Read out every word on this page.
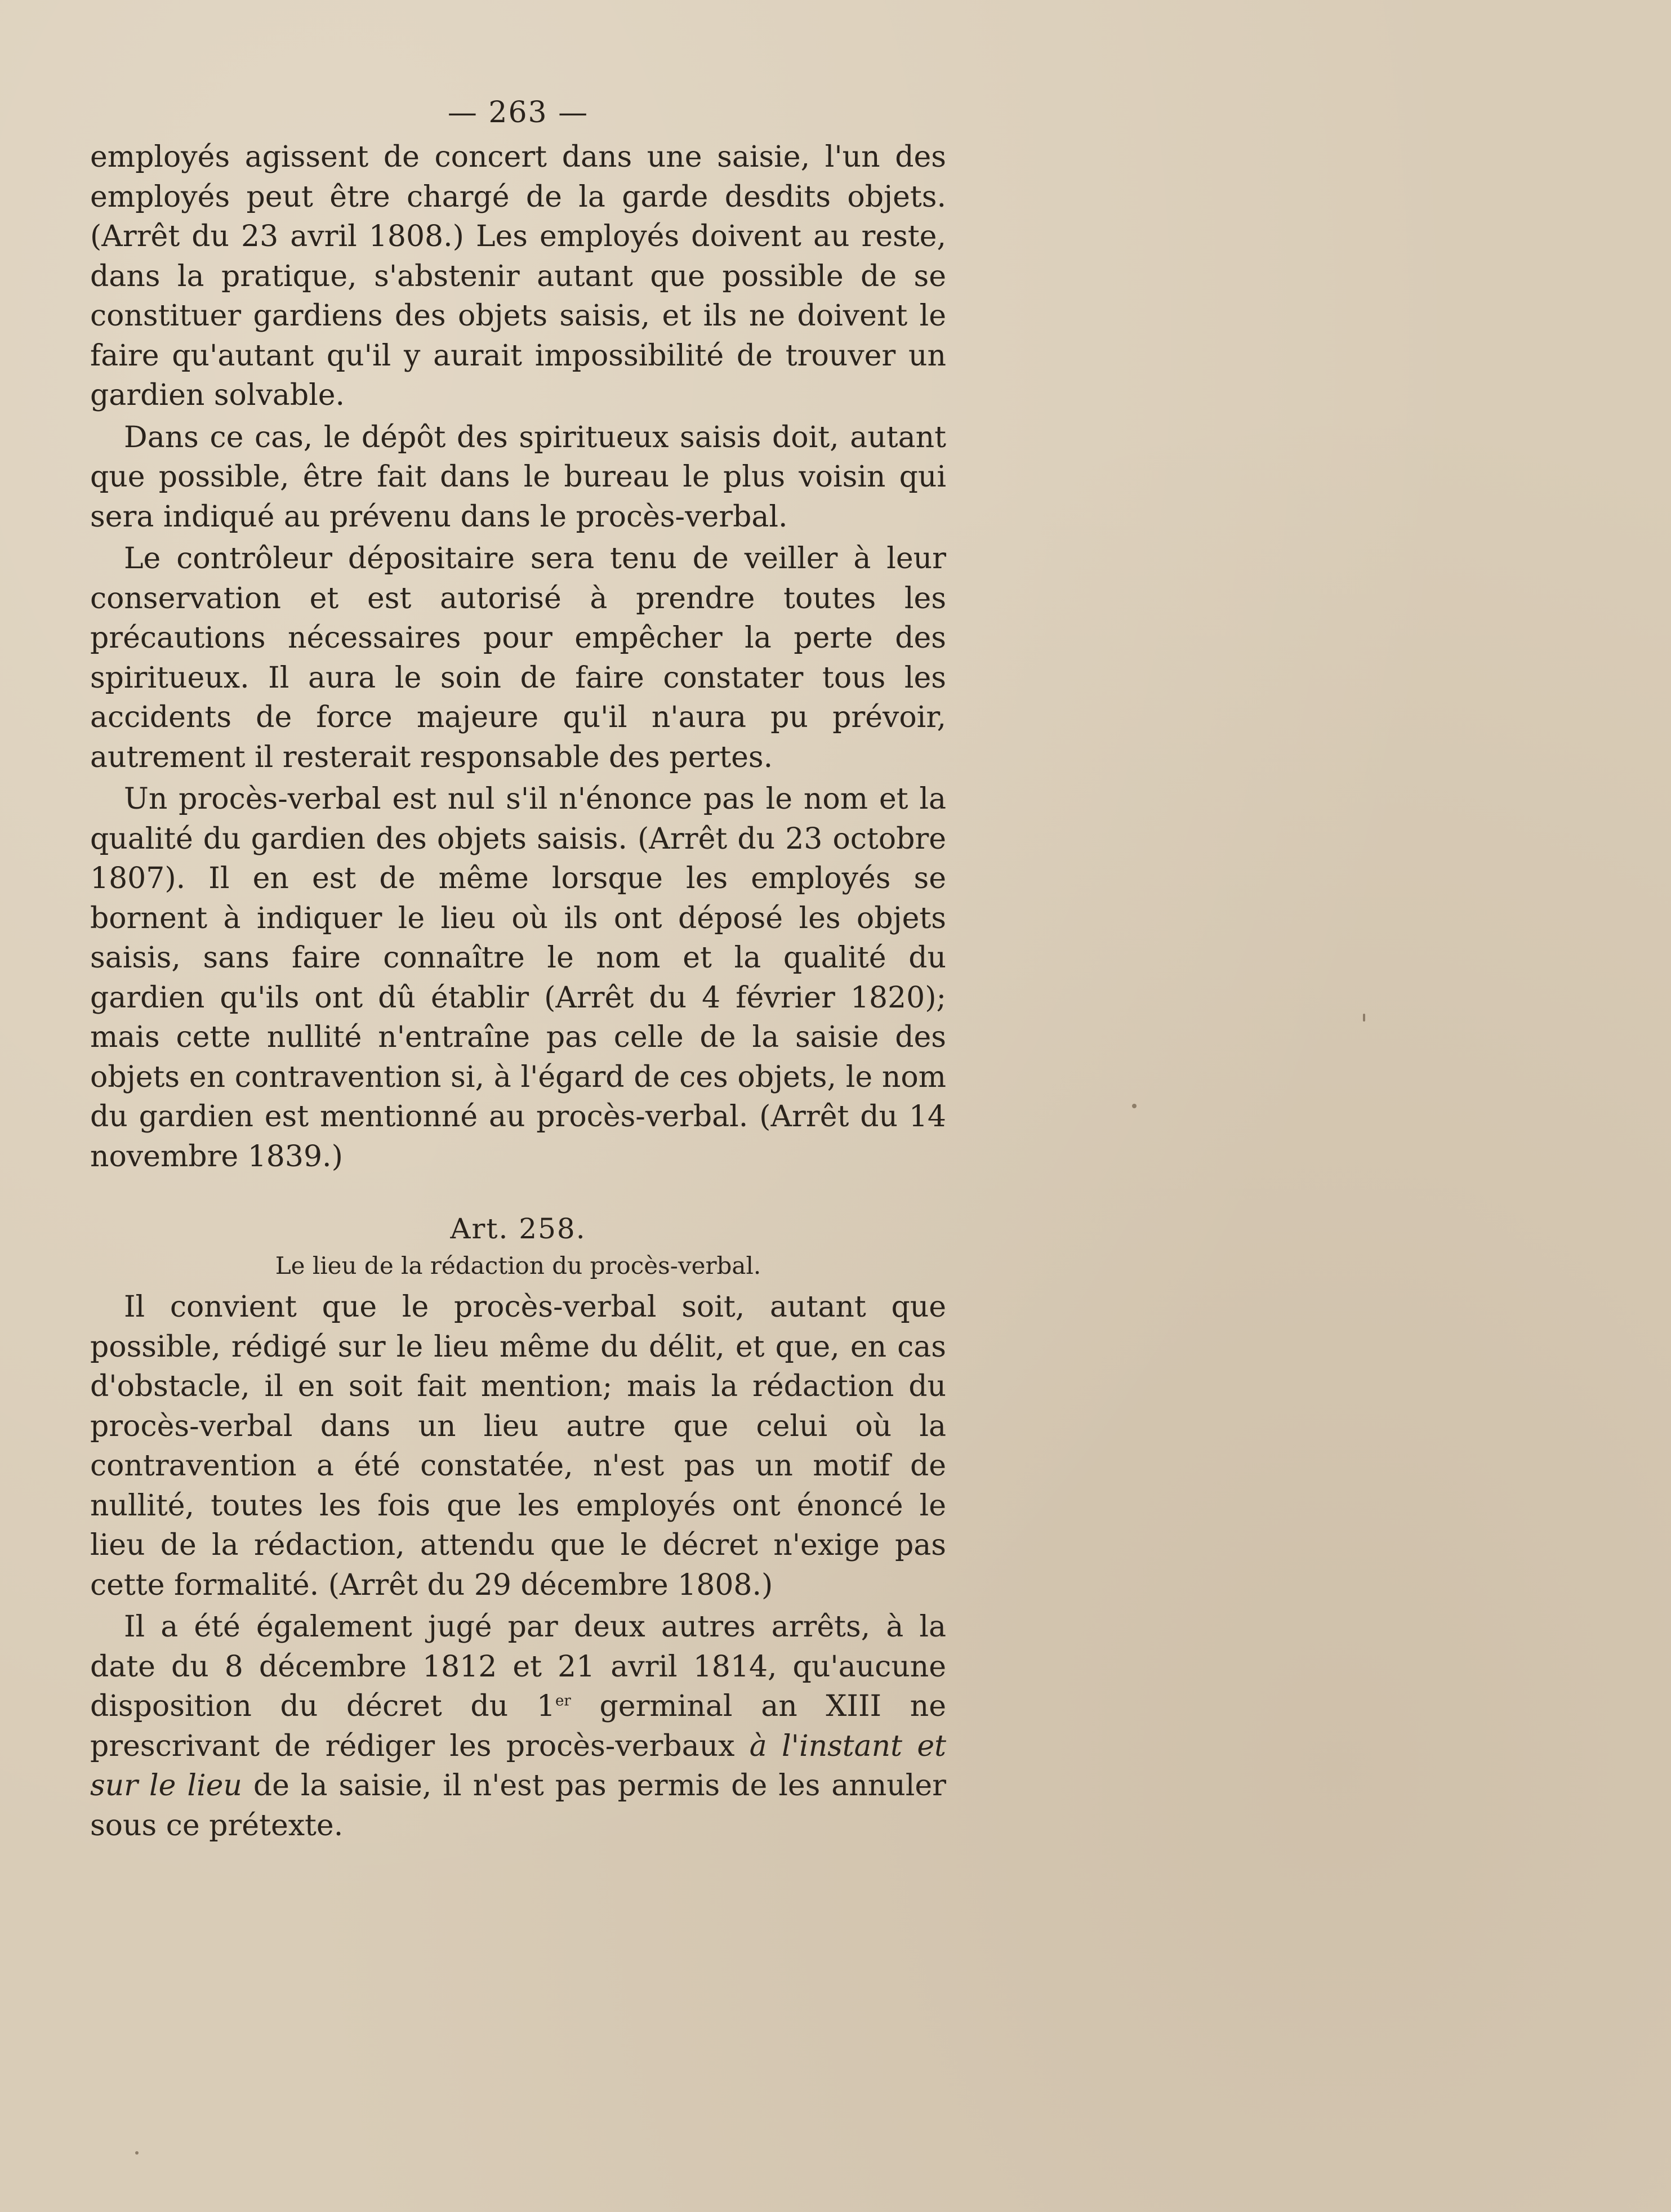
— 263 —

employés agissent de concert dans une saisie, l'un des employés peut être chargé de la garde desdits objets. (Arrêt du 23 avril 1808.) Les employés doivent au reste, dans la pratique, s'abstenir autant que possible de se constituer gardiens des objets saisis, et ils ne doivent le faire qu'autant qu'il y aurait impossibilité de trouver un gardien solvable.

Dans ce cas, le dépôt des spiritueux saisis doit, autant que possible, être fait dans le bureau le plus voisin qui sera indiqué au prévenu dans le procès-verbal.

Le contrôleur dépositaire sera tenu de veiller à leur conservation et est autorisé à prendre toutes les précautions nécessaires pour empêcher la perte des spiritueux. Il aura le soin de faire constater tous les accidents de force majeure qu'il n'aura pu prévoir, autrement il resterait responsable des pertes.

Un procès-verbal est nul s'il n'énonce pas le nom et la qualité du gardien des objets saisis. (Arrêt du 23 octobre 1807). Il en est de même lorsque les employés se bornent à indiquer le lieu où ils ont déposé les objets saisis, sans faire connaître le nom et la qualité du gardien qu'ils ont dû établir (Arrêt du 4 février 1820); mais cette nullité n'entraîne pas celle de la saisie des objets en contravention si, à l'égard de ces objets, le nom du gardien est mentionné au procès-verbal. (Arrêt du 14 novembre 1839.)

Art. 258.
Le lieu de la rédaction du procès-verbal.

Il convient que le procès-verbal soit, autant que possible, rédigé sur le lieu même du délit, et que, en cas d'obstacle, il en soit fait mention; mais la rédaction du procès-verbal dans un lieu autre que celui où la contravention a été constatée, n'est pas un motif de nullité, toutes les fois que les employés ont énoncé le lieu de la rédaction, attendu que le décret n'exige pas cette formalité. (Arrêt du 29 décembre 1808.)

Il a été également jugé par deux autres arrêts, à la date du 8 décembre 1812 et 21 avril 1814, qu'aucune disposition du décret du 1er germinal an XIII ne prescrivant de rédiger les procès-verbaux à l'instant et sur le lieu de la saisie, il n'est pas permis de les annuler sous ce prétexte.
